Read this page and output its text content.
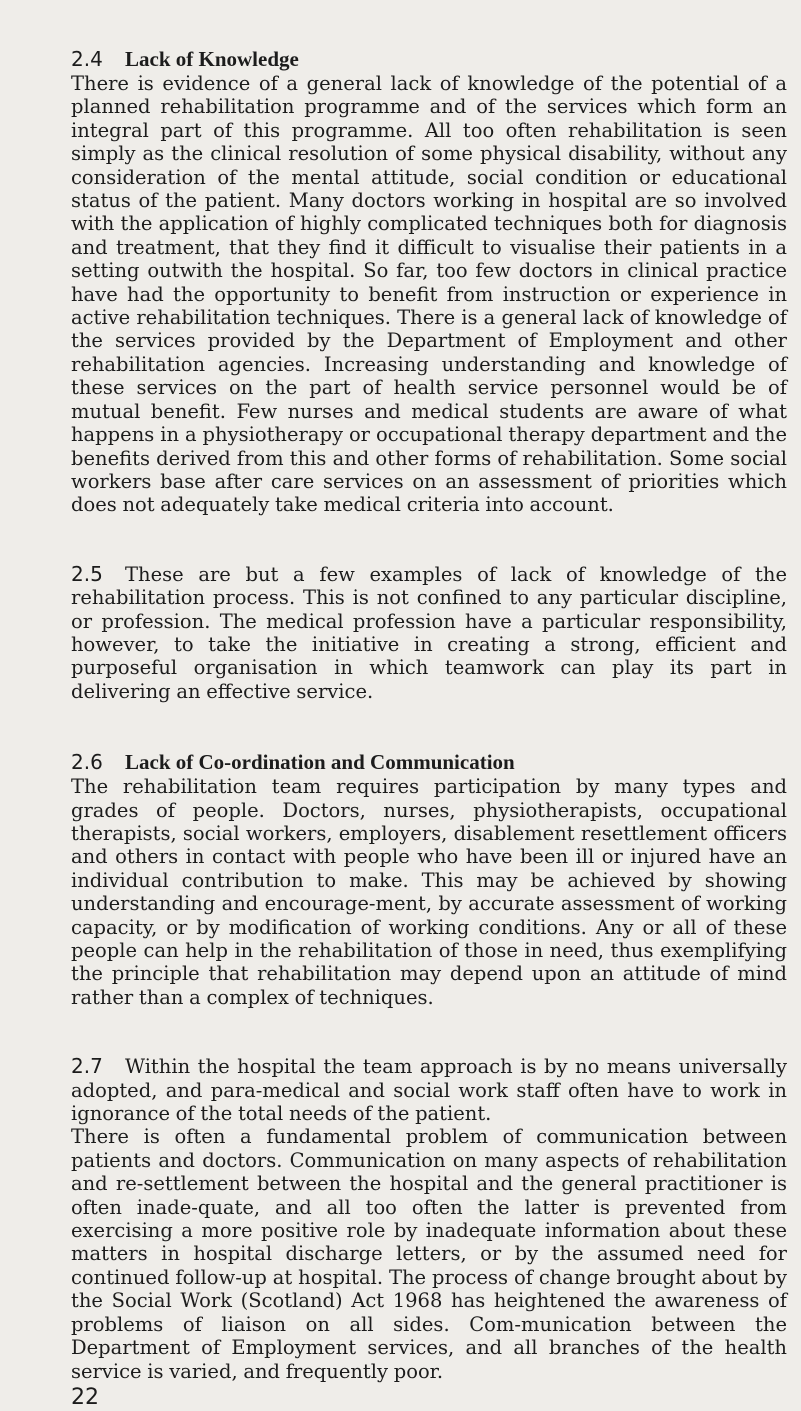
2.4 Lack of Knowledge

There is evidence of a general lack of knowledge of the potential of a planned rehabilitation programme and of the services which form an integral part of this programme. All too often rehabilitation is seen simply as the clinical resolution of some physical disability, without any consideration of the mental attitude, social condition or educational status of the patient. Many doctors working in hospital are so involved with the application of highly complicated techniques both for diagnosis and treatment, that they find it difficult to visualise their patients in a setting outwith the hospital. So far, too few doctors in clinical practice have had the opportunity to benefit from instruction or experience in active rehabilitation techniques. There is a general lack of knowledge of the services provided by the Department of Employment and other rehabilitation agencies. Increasing understanding and knowledge of these services on the part of health service personnel would be of mutual benefit. Few nurses and medical students are aware of what happens in a physiotherapy or occupational therapy department and the benefits derived from this and other forms of rehabilitation. Some social workers base after care services on an assessment of priorities which does not adequately take medical criteria into account.

2.5 These are but a few examples of lack of knowledge of the rehabilitation process. This is not confined to any particular discipline, or profession. The medical profession have a particular responsibility, however, to take the initiative in creating a strong, efficient and purposeful organisation in which teamwork can play its part in delivering an effective service.

2.6 Lack of Co-ordination and Communication

The rehabilitation team requires participation by many types and grades of people. Doctors, nurses, physiotherapists, occupational therapists, social workers, employers, disablement resettlement officers and others in contact with people who have been ill or injured have an individual contribution to make. This may be achieved by showing understanding and encourage-ment, by accurate assessment of working capacity, or by modification of working conditions. Any or all of these people can help in the rehabilitation of those in need, thus exemplifying the principle that rehabilitation may depend upon an attitude of mind rather than a complex of techniques.

2.7 Within the hospital the team approach is by no means universally adopted, and para-medical and social work staff often have to work in ignorance of the total needs of the patient.

There is often a fundamental problem of communication between patients and doctors. Communication on many aspects of rehabilitation and re-settlement between the hospital and the general practitioner is often inade-quate, and all too often the latter is prevented from exercising a more positive role by inadequate information about these matters in hospital discharge letters, or by the assumed need for continued follow-up at hospital. The process of change brought about by the Social Work (Scotland) Act 1968 has heightened the awareness of problems of liaison on all sides. Com-munication between the Department of Employment services, and all branches of the health service is varied, and frequently poor.

22
